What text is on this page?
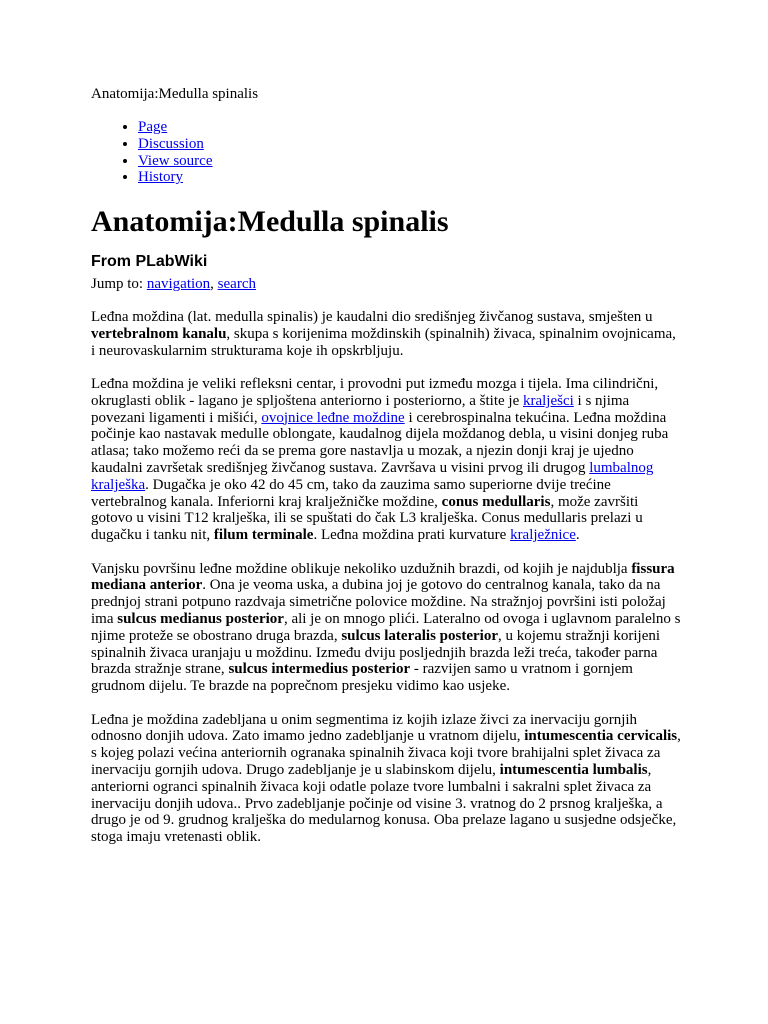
Anatomija:Medulla spinalis

• Page
• Discussion
• View source
• History
Anatomija:Medulla spinalis
From PLabWiki
Jump to: navigation, search

Leđna moždina (lat. medulla spinalis) je kaudalni dio središnjeg živčanog sustava, smješten u vertebralnom kanalu, skupa s korijenima moždinskih (spinalnih) živaca, spinalnim ovojnicama, i neurovaskularnim strukturama koje ih opskrbljuju.

Leđna moždina je veliki refleksni centar, i provodni put između mozga i tijela. Ima cilindrični, okruglasti oblik - lagano je spljoštena anteriorno i posteriorno, a štite je kralješci i s njima povezani ligamenti i mišići, ovojnice leđne moždine i cerebrospinalna tekućina. Leđna moždina počinje kao nastavak medulle oblongate, kaudalnog dijela moždanog debla, u visini donjeg ruba atlasa; tako možemo reći da se prema gore nastavlja u mozak, a njezin donji kraj je ujedno kaudalni završetak središnjeg živčanog sustava. Završava u visini prvog ili drugog lumbalnog kralješka. Dugačka je oko 42 do 45 cm, tako da zauzima samo superiorne dvije trećine vertebralnog kanala. Inferiorni kraj kralježničke moždine, conus medullaris, može završiti gotovo u visini T12 kralješka, ili se spuštati do čak L3 kralješka. Conus medullaris prelazi u dugačku i tanku nit, filum terminale. Leđna moždina prati kurvature kralježnice.

Vanjsku površinu leđne moždine oblikuje nekoliko uzdužnih brazdi, od kojih je najdublja fissura mediana anterior. Ona je veoma uska, a dubina joj je gotovo do centralnog kanala, tako da na prednjoj strani potpuno razdvaja simetrične polovice moždine. Na stražnjoj površini isti položaj ima sulcus medianus posterior, ali je on mnogo plići. Lateralno od ovoga i uglavnom paralelno s njime proteže se obostrano druga brazda, sulcus lateralis posterior, u kojemu stražnji korijeni spinalnih živaca uranjaju u moždinu. Između dviju posljednjih brazda leži treća, također parna brazda stražnje strane, sulcus intermedius posterior - razvijen samo u vratnom i gornjem grudnom dijelu. Te brazde na poprečnom presjeku vidimo kao usjeke.

Leđna je moždina zadebljana u onim segmentima iz kojih izlaze živci za inervaciju gornjih odnosno donjih udova. Zato imamo jedno zadebljanje u vratnom dijelu, intumescentia cervicalis, s kojeg polazi većina anteriornih ogranaka spinalnih živaca koji tvore brahijalni splet živaca za inervaciju gornjih udova. Drugo zadebljanje je u slabinskom dijelu, intumescentia lumbalis, anteriorni ogranci spinalnih živaca koji odatle polaze tvore lumbalni i sakralni splet živaca za inervaciju donjih udova.. Prvo zadebljanje počinje od visine 3. vratnog do 2 prsnog kralješka, a drugo je od 9. grudnog kralješka do medularnog konusa. Oba prelaze lagano u susjedne odsječke, stoga imaju vretenasti oblik.
